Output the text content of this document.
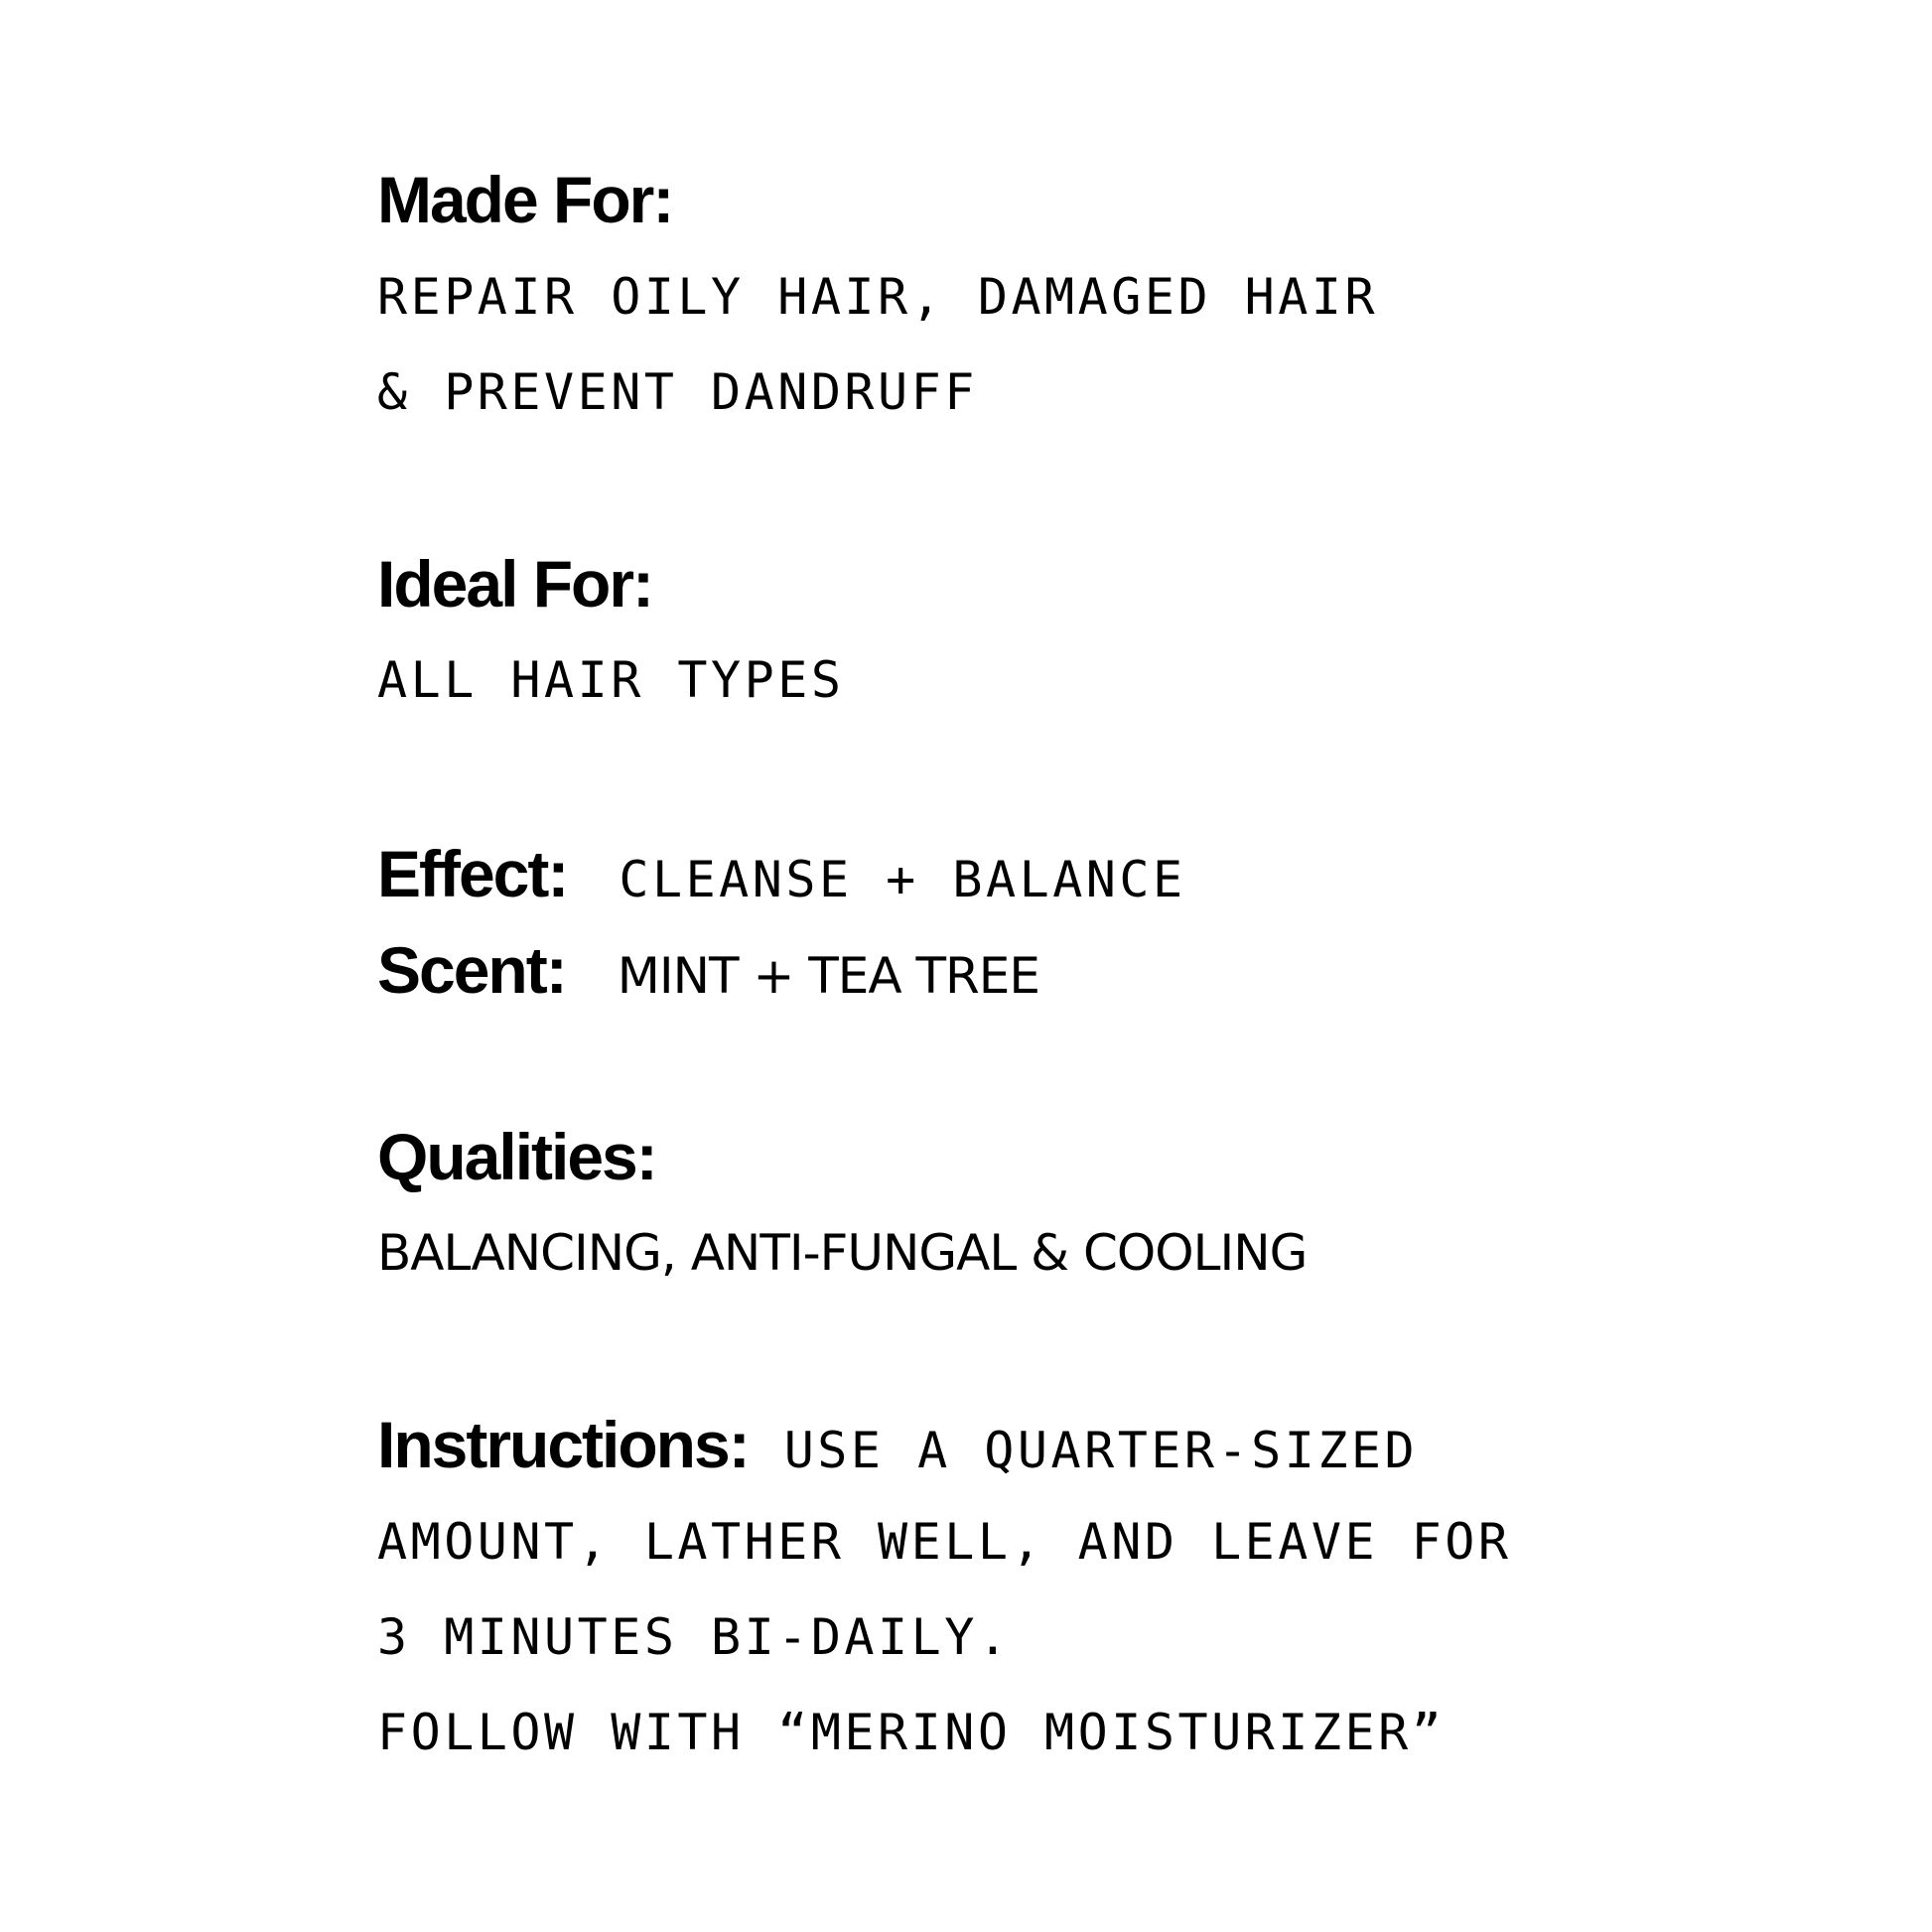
Made For:

REPAIR OILY HAIR, DAMAGED HAIR

& PREVENT DANDRUFF

Ideal For:

ALL HAIR TYPES

Effect: CLEANSE + BALANCE
Scent: MINT + TEA TREE
Qualities:

BALANCING, ANTI-FUNGAL & COOLING

Instructions: USE A QUARTER-SIZED

AMOUNT, LATHER WELL, AND LEAVE FOR

3 MINUTES BI-DAILY.

FOLLOW WITH “MERINO MOISTURIZER”
